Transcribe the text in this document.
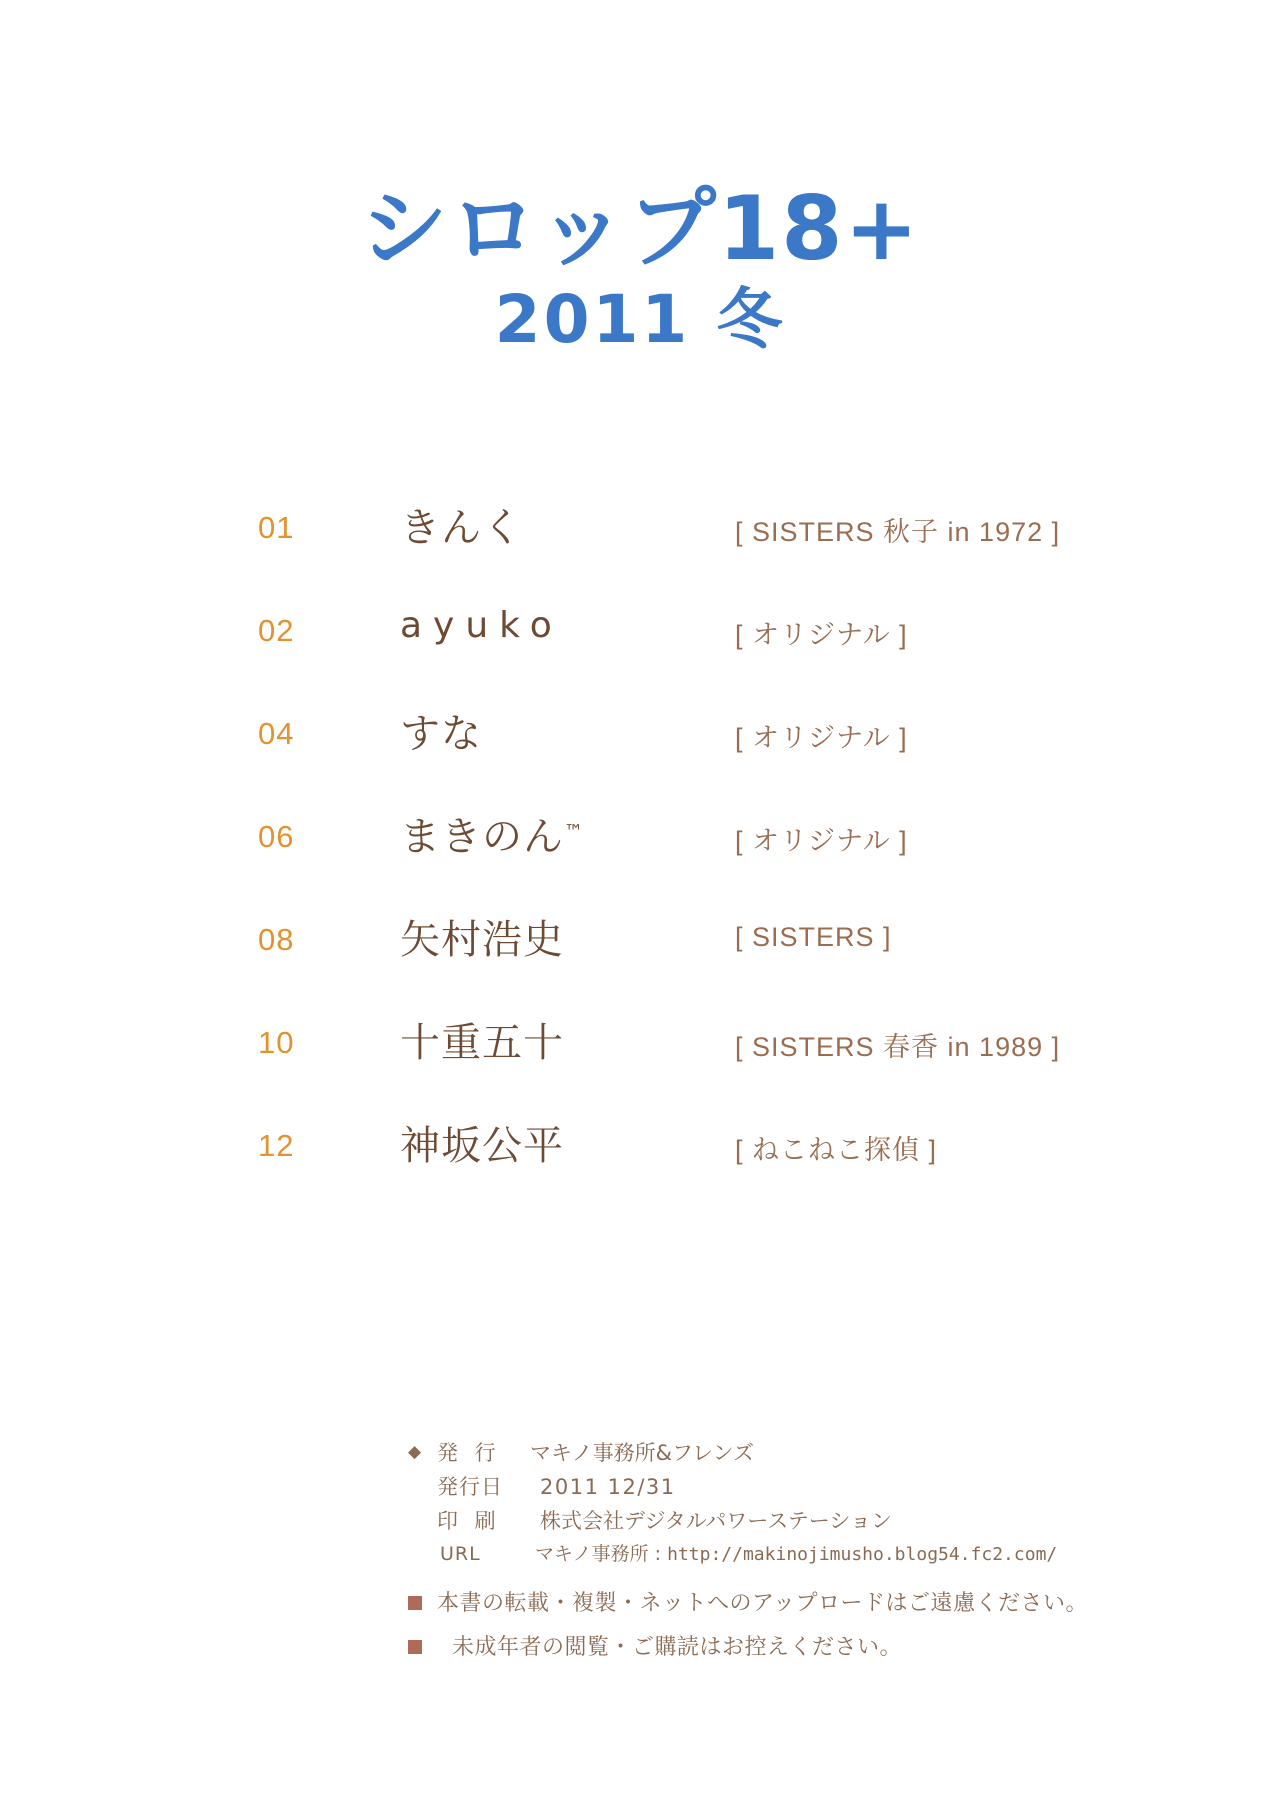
シロップ18+
2011 冬
01	きんく	[ SISTERS 秋子 in 1972 ]
02	ayuko	[ オリジナル ]
04	すな	[ オリジナル ]
06	まきのん™	[ オリジナル ]
08	矢村浩史	[ SISTERS ]
10	十重五十	[ SISTERS 春香 in 1989 ]
12	神坂公平	[ ねこねこ探偵 ]
◆ 発 行 マキノ事務所&フレンズ
発行日 2011 12/31
印 刷 株式会社デジタルパワーステーション
URL	マキノ事務所 : http://makinojimusho.blog54.fc2.com/
本書の転載・複製・ネットへのアップロードはご遠慮ください。
未成年者の閲覧・ご購読はお控えください。
